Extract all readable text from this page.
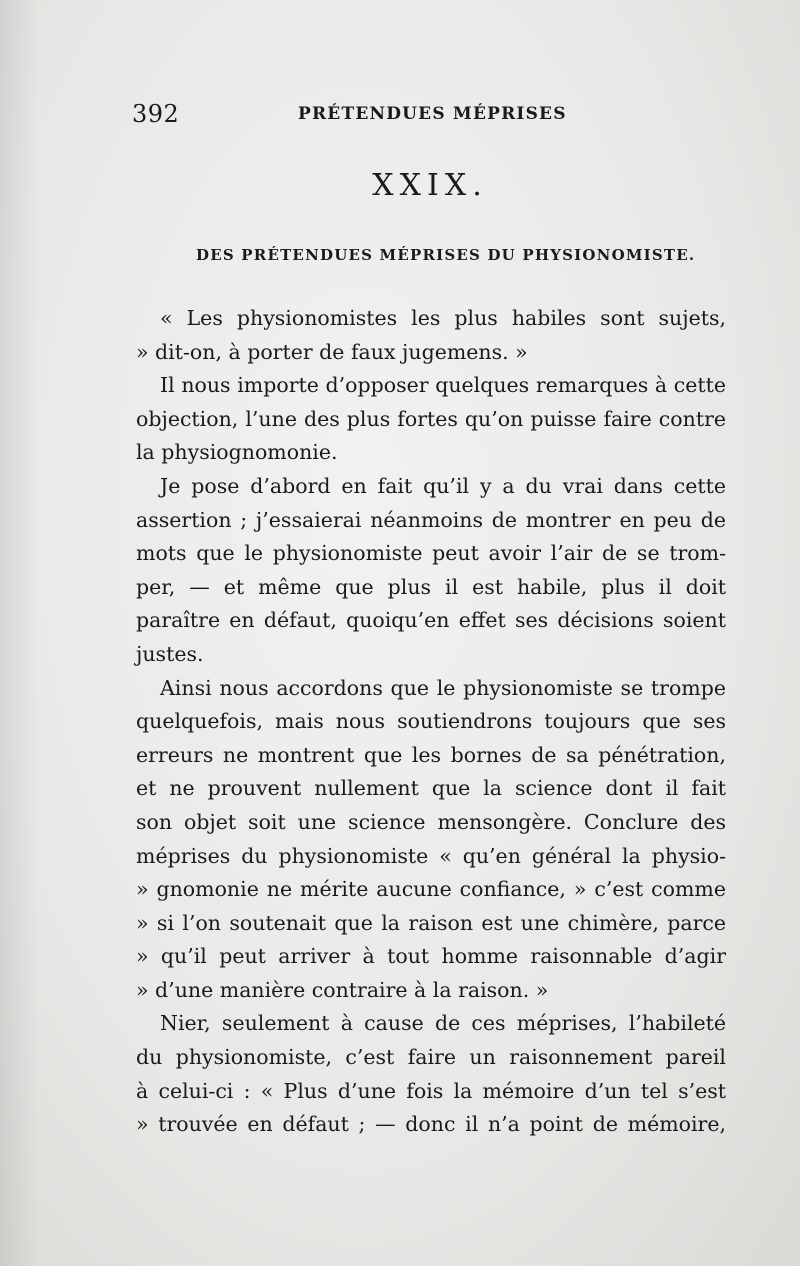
392	PRÉTENDUES MÉPRISES
XXIX.
DES PRÉTENDUES MÉPRISES DU PHYSIONOMISTE.
« Les physionomistes les plus habiles sont sujets,
» dit-on, à porter de faux jugemens. »
Il nous importe d’opposer quelques remarques à cette
objection, l’une des plus fortes qu’on puisse faire contre
la physiognomonie.
Je pose d’abord en fait qu’il y a du vrai dans cette
assertion ; j’essaierai néanmoins de montrer en peu de
mots que le physionomiste peut avoir l’air de se trom-
per, — et même que plus il est habile, plus il doit
paraître en défaut, quoiqu’en effet ses décisions soient
justes.
Ainsi nous accordons que le physionomiste se trompe
quelquefois, mais nous soutiendrons toujours que ses
erreurs ne montrent que les bornes de sa pénétration,
et ne prouvent nullement que la science dont il fait
son objet soit une science mensongère. Conclure des
méprises du physionomiste « qu’en général la physio-
» gnomonie ne mérite aucune confiance, » c’est comme
» si l’on soutenait que la raison est une chimère, parce
» qu’il peut arriver à tout homme raisonnable d’agir
» d’une manière contraire à la raison. »
Nier, seulement à cause de ces méprises, l’habileté
du physionomiste, c’est faire un raisonnement pareil
à celui-ci : « Plus d’une fois la mémoire d’un tel s’est
» trouvée en défaut ; — donc il n’a point de mémoire,
